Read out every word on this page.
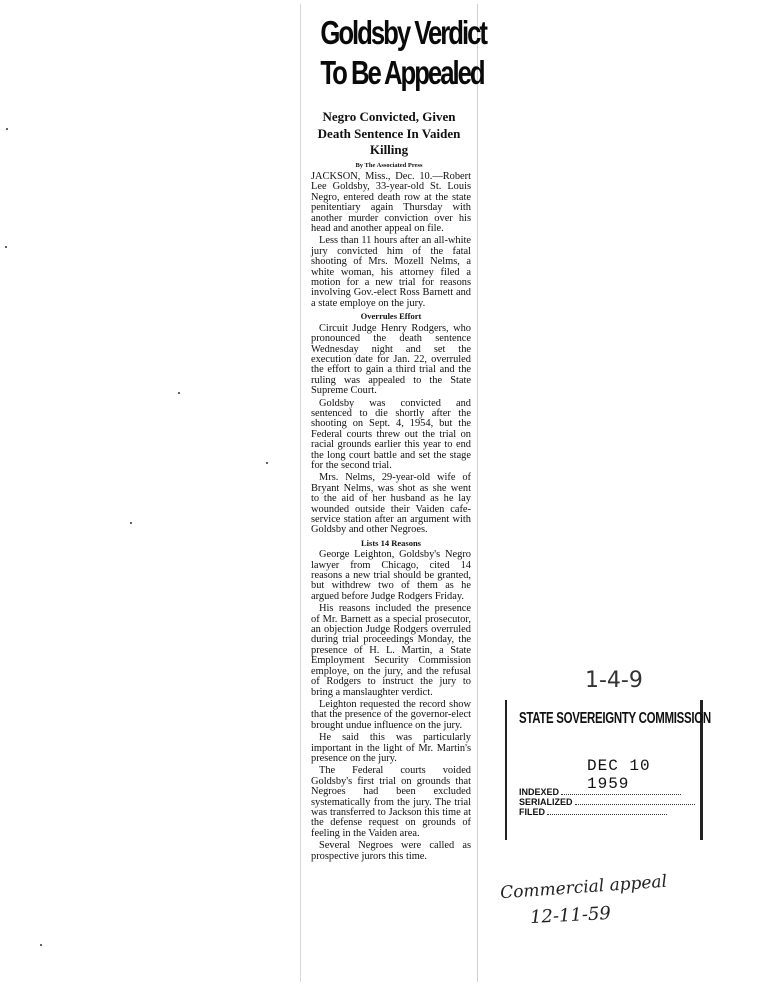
Goldsby Verdict
To Be Appealed
Negro Convicted, Given Death Sentence In Vaiden Killing
By The Associated Press

JACKSON, Miss., Dec. 10.—Robert Lee Goldsby, 33-year-old St. Louis Negro, entered death row at the state penitentiary again Thursday with another murder conviction over his head and another appeal on file.

Less than 11 hours after an all-white jury convicted him of the fatal shooting of Mrs. Mozell Nelms, a white woman, his attorney filed a motion for a new trial for reasons involving Gov.-elect Ross Barnett and a state employe on the jury.

Overrules Effort

Circuit Judge Henry Rodgers, who pronounced the death sentence Wednesday night and set the execution date for Jan. 22, overruled the effort to gain a third trial and the ruling was appealed to the State Supreme Court.

Goldsby was convicted and sentenced to die shortly after the shooting on Sept. 4, 1954, but the Federal courts threw out the trial on racial grounds earlier this year to end the long court battle and set the stage for the second trial.

Mrs. Nelms, 29-year-old wife of Bryant Nelms, was shot as she went to the aid of her husband as he lay wounded outside their Vaiden cafe-service station after an argument with Goldsby and other Negroes.

Lists 14 Reasons

George Leighton, Goldsby's Negro lawyer from Chicago, cited 14 reasons a new trial should be granted, but withdrew two of them as he argued before Judge Rodgers Friday.

His reasons included the presence of Mr. Barnett as a special prosecutor, an objection Judge Rodgers overruled during trial proceedings Monday, the presence of H. L. Martin, a State Employment Security Commission employe, on the jury, and the refusal of Rodgers to instruct the jury to bring a manslaughter verdict.

Leighton requested the record show that the presence of the governor-elect brought undue influence on the jury.

He said this was particularly important in the light of Mr. Martin's presence on the jury.

The Federal courts voided Goldsby's first trial on grounds that Negroes had been excluded systematically from the jury. The trial was transferred to Jackson this time at the defense request on grounds of feeling in the Vaiden area.

Several Negroes were called as prospective jurors this time.

1-4-9
STATE SOVEREIGNTY COMMISSION
DEC 10 1959
INDEXED
SERIALIZED
FILED
Commercial appeal
12-11-59
